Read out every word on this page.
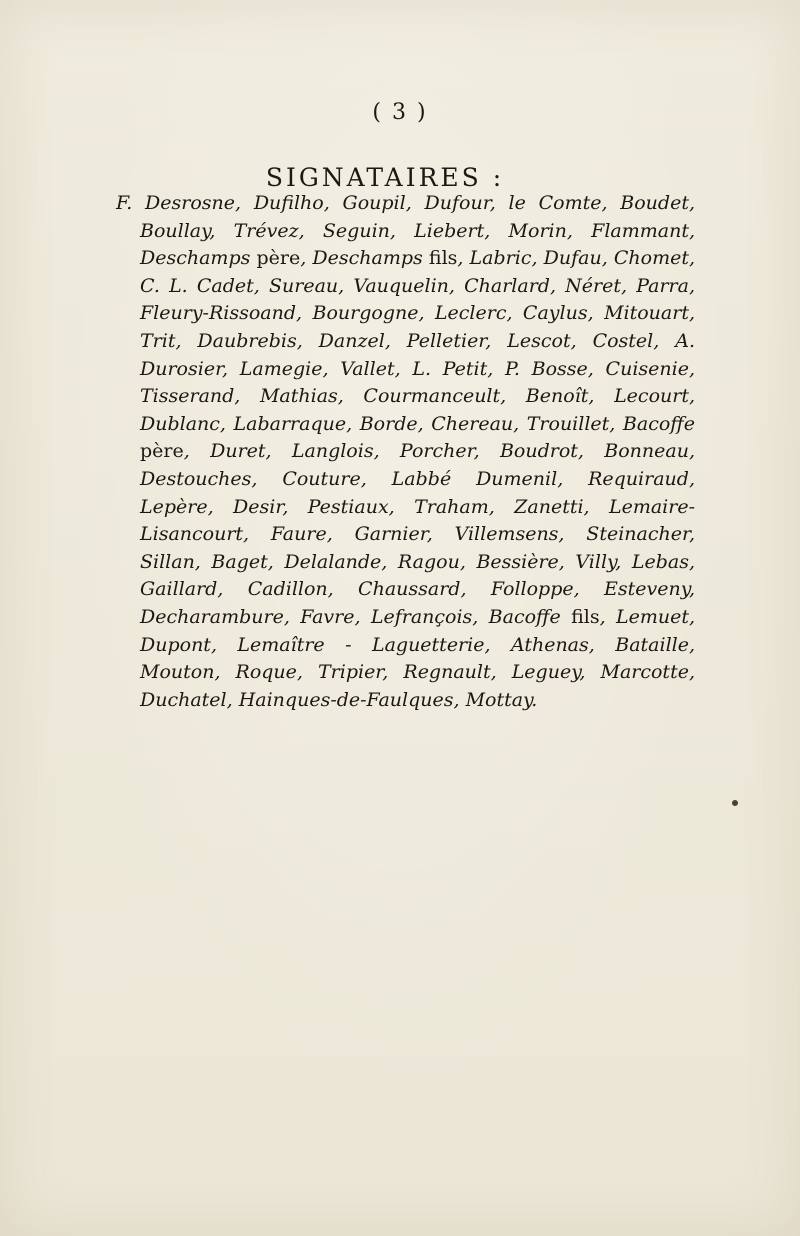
( 3 )
SIGNATAIRES :

F. Desrosne, Dufilho, Goupil, Dufour, le Comte, Boudet, Boullay, Trévez, Seguin, Liebert, Morin, Flammant, Deschamps père, Deschamps fils, Labric, Dufau, Chomet, C. L. Cadet, Sureau, Vauquelin, Charlard, Néret, Parra, Fleury-Rissoand, Bourgogne, Leclerc, Caylus, Mitouart, Trit, Daubrebis, Danzel, Pelletier, Lescot, Costel, A. Durosier, Lamegie, Vallet, L. Petit, P. Bosse, Cuisenie, Tisserand, Mathias, Courmanceult, Benoît, Lecourt, Dublanc, Labarraque, Borde, Chereau, Trouillet, Bacoffe père, Duret, Langlois, Porcher, Boudrot, Bonneau, Destouches, Couture, Labbé Dumenil, Requiraud, Lepère, Desir, Pestiaux, Traham, Zanetti, Lemaire-Lisancourt, Faure, Garnier, Villemsens, Steinacher, Sillan, Baget, Delalande, Ragou, Bessière, Villy, Lebas, Gaillard, Cadillon, Chaussard, Folloppe, Esteveny, Decharambure, Favre, Lefrançois, Bacoffe fils, Lemuet, Dupont, Lemaître - Laguetterie, Athenas, Bataille, Mouton, Roque, Tripier, Regnault, Leguey, Marcotte, Duchatel, Hainques-de-Faulques, Mottay.
